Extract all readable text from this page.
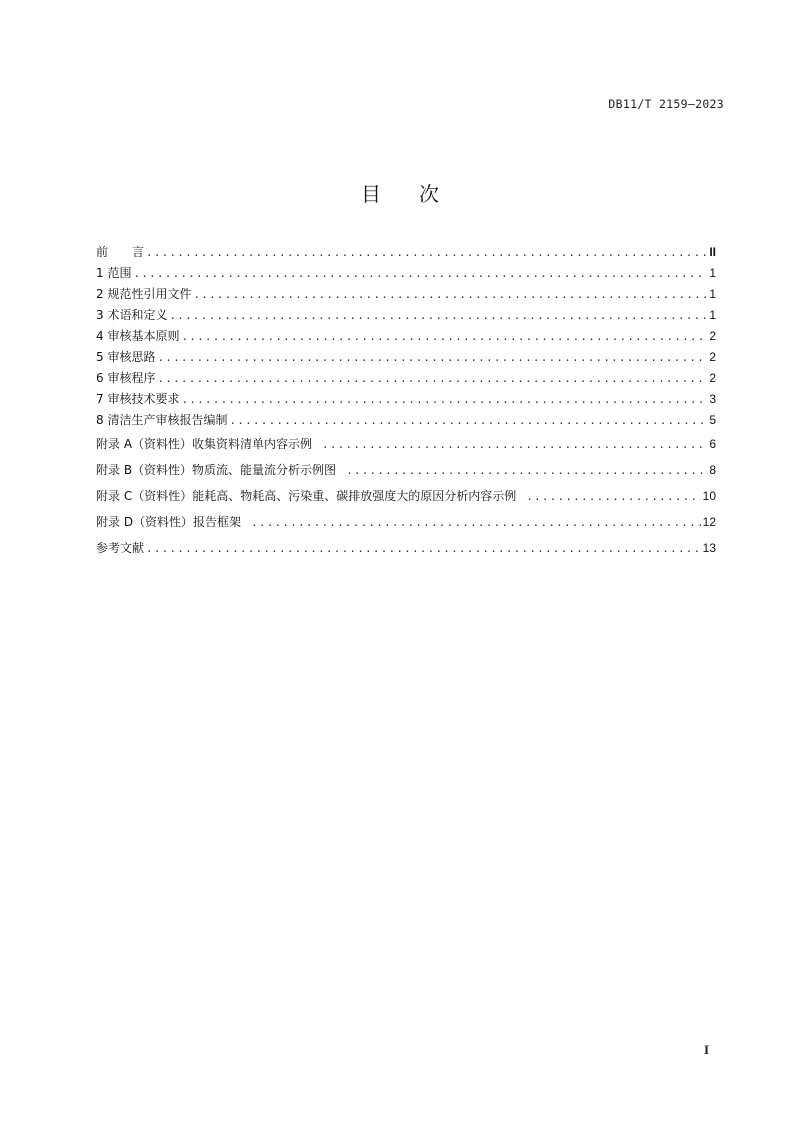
DB11/T 2159—2023
目 次
前　　言 .....	II
1 范围 .....	1
2 规范性引用文件 .....	1
3 术语和定义 .....	1
4 审核基本原则 .....	2
5 审核思路 .....	2
6 审核程序 .....	2
7 审核技术要求 .....	3
8 清洁生产审核报告编制 .....	5
附录 A（资料性）收集资料清单内容示例 .....	6
附录 B（资料性）物质流、能量流分析示例图 .....	8
附录 C（资料性）能耗高、物耗高、污染重、碳排放强度大的原因分析内容示例 .....	10
附录 D（资料性）报告框架 .....	12
参考文献 .....	13
I
